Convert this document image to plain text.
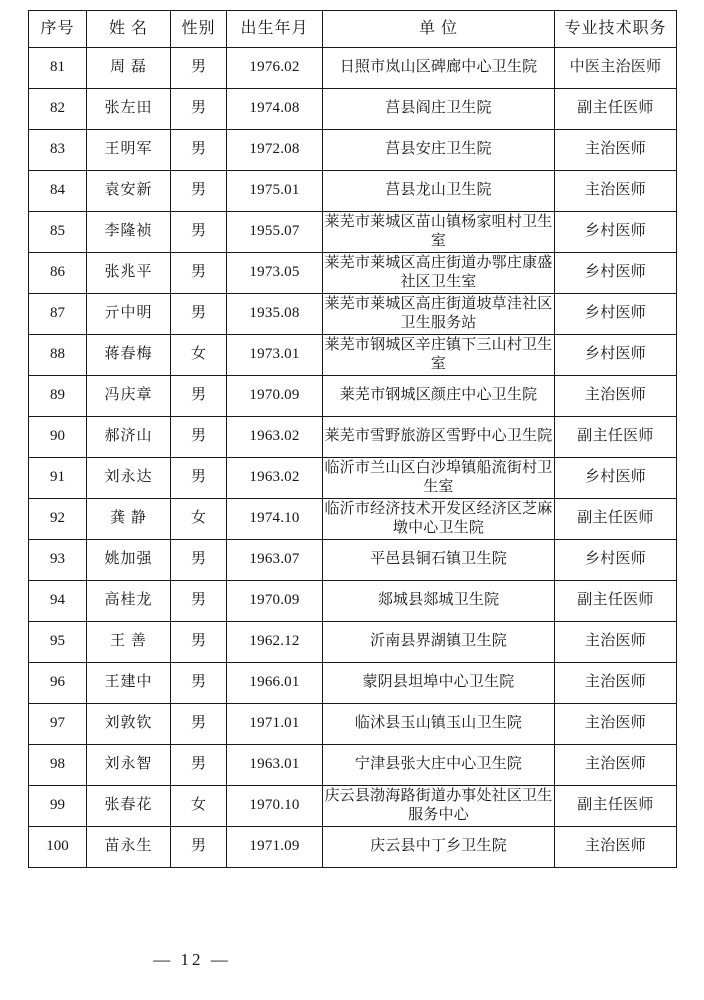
序号	姓 名	性别	出生年月	单 位	专业技术职务
81	周 磊	男	1976.02	日照市岚山区碑廊中心卫生院	中医主治医师
82	张左田	男	1974.08	莒县阎庄卫生院	副主任医师
83	王明军	男	1972.08	莒县安庄卫生院	主治医师
84	袁安新	男	1975.01	莒县龙山卫生院	主治医师
85	李隆祯	男	1955.07	莱芜市莱城区苗山镇杨家咀村卫生室	乡村医师
86	张兆平	男	1973.05	莱芜市莱城区高庄街道办鄂庄康盛社区卫生室	乡村医师
87	亓中明	男	1935.08	莱芜市莱城区高庄街道坡草洼社区卫生服务站	乡村医师
88	蒋春梅	女	1973.01	莱芜市钢城区辛庄镇下三山村卫生室	乡村医师
89	冯庆章	男	1970.09	莱芜市钢城区颜庄中心卫生院	主治医师
90	郝济山	男	1963.02	莱芜市雪野旅游区雪野中心卫生院	副主任医师
91	刘永达	男	1963.02	临沂市兰山区白沙埠镇船流街村卫生室	乡村医师
92	龚 静	女	1974.10	临沂市经济技术开发区经济区芝麻墩中心卫生院	副主任医师
93	姚加强	男	1963.07	平邑县铜石镇卫生院	乡村医师
94	高桂龙	男	1970.09	郯城县郯城卫生院	副主任医师
95	王 善	男	1962.12	沂南县界湖镇卫生院	主治医师
96	王建中	男	1966.01	蒙阴县坦埠中心卫生院	主治医师
97	刘敦钦	男	1971.01	临沭县玉山镇玉山卫生院	主治医师
98	刘永智	男	1963.01	宁津县张大庄中心卫生院	主治医师
99	张春花	女	1970.10	庆云县渤海路街道办事处社区卫生服务中心	副主任医师
100	苗永生	男	1971.09	庆云县中丁乡卫生院	主治医师
— 12 —
